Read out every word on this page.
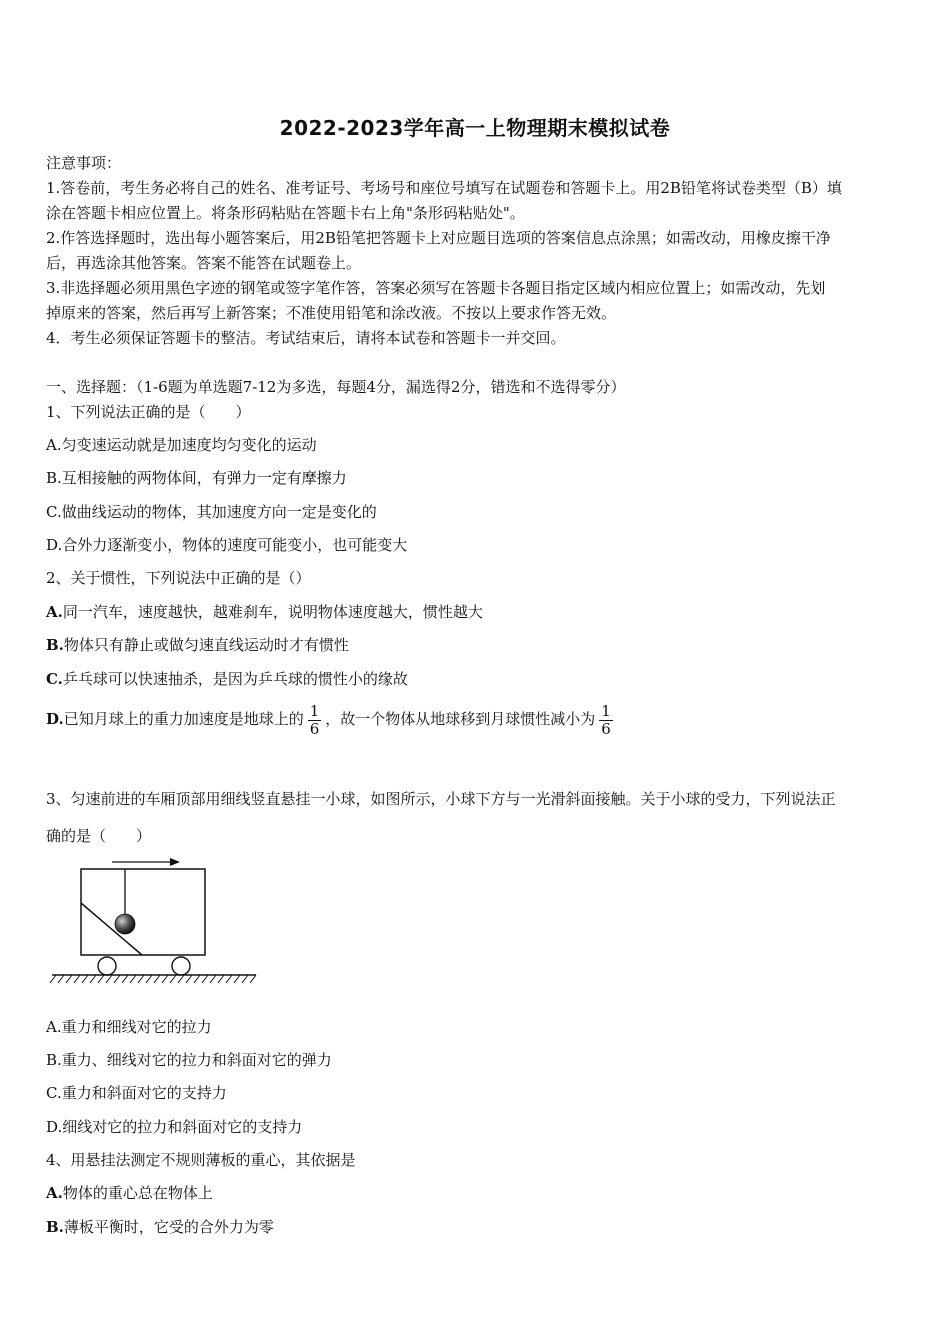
2022-2023学年高一上物理期末模拟试卷
注意事项：
1.答卷前，考生务必将自己的姓名、准考证号、考场号和座位号填写在试题卷和答题卡上。用2B铅笔将试卷类型（B）填
涂在答题卡相应位置上。将条形码粘贴在答题卡右上角"条形码粘贴处"。
2.作答选择题时，选出每小题答案后，用2B铅笔把答题卡上对应题目选项的答案信息点涂黑；如需改动，用橡皮擦干净
后，再选涂其他答案。答案不能答在试题卷上。
3.非选择题必须用黑色字迹的钢笔或签字笔作答，答案必须写在答题卡各题目指定区域内相应位置上；如需改动，先划
掉原来的答案，然后再写上新答案；不准使用铅笔和涂改液。不按以上要求作答无效。
4．考生必须保证答题卡的整洁。考试结束后，请将本试卷和答题卡一并交回。
一、选择题：（1-6题为单选题7-12为多选，每题4分，漏选得2分，错选和不选得零分）
1、下列说法正确的是（　　）
A.匀变速运动就是加速度均匀变化的运动
B.互相接触的两物体间，有弹力一定有摩擦力
C.做曲线运动的物体，其加速度方向一定是变化的
D.合外力逐渐变小，物体的速度可能变小，也可能变大
2、关于惯性，下列说法中正确的是（）
A.同一汽车，速度越快，越难刹车，说明物体速度越大，惯性越大
B.物体只有静止或做匀速直线运动时才有惯性
C.乒乓球可以快速抽杀，是因为乒乓球的惯性小的缘故
D.已知月球上的重力加速度是地球上的 $\frac{1}{6}$ ，故一个物体从地球移到月球惯性减小为 $\frac{1}{6}$
3、匀速前进的车厢顶部用细线竖直悬挂一小球，如图所示，小球下方与一光滑斜面接触。关于小球的受力，下列说法正
确的是（　　）
A.重力和细线对它的拉力
B.重力、细线对它的拉力和斜面对它的弹力
C.重力和斜面对它的支持力
D.细线对它的拉力和斜面对它的支持力
4、用悬挂法测定不规则薄板的重心，其依据是
A.物体的重心总在物体上
B.薄板平衡时，它受的合外力为零
